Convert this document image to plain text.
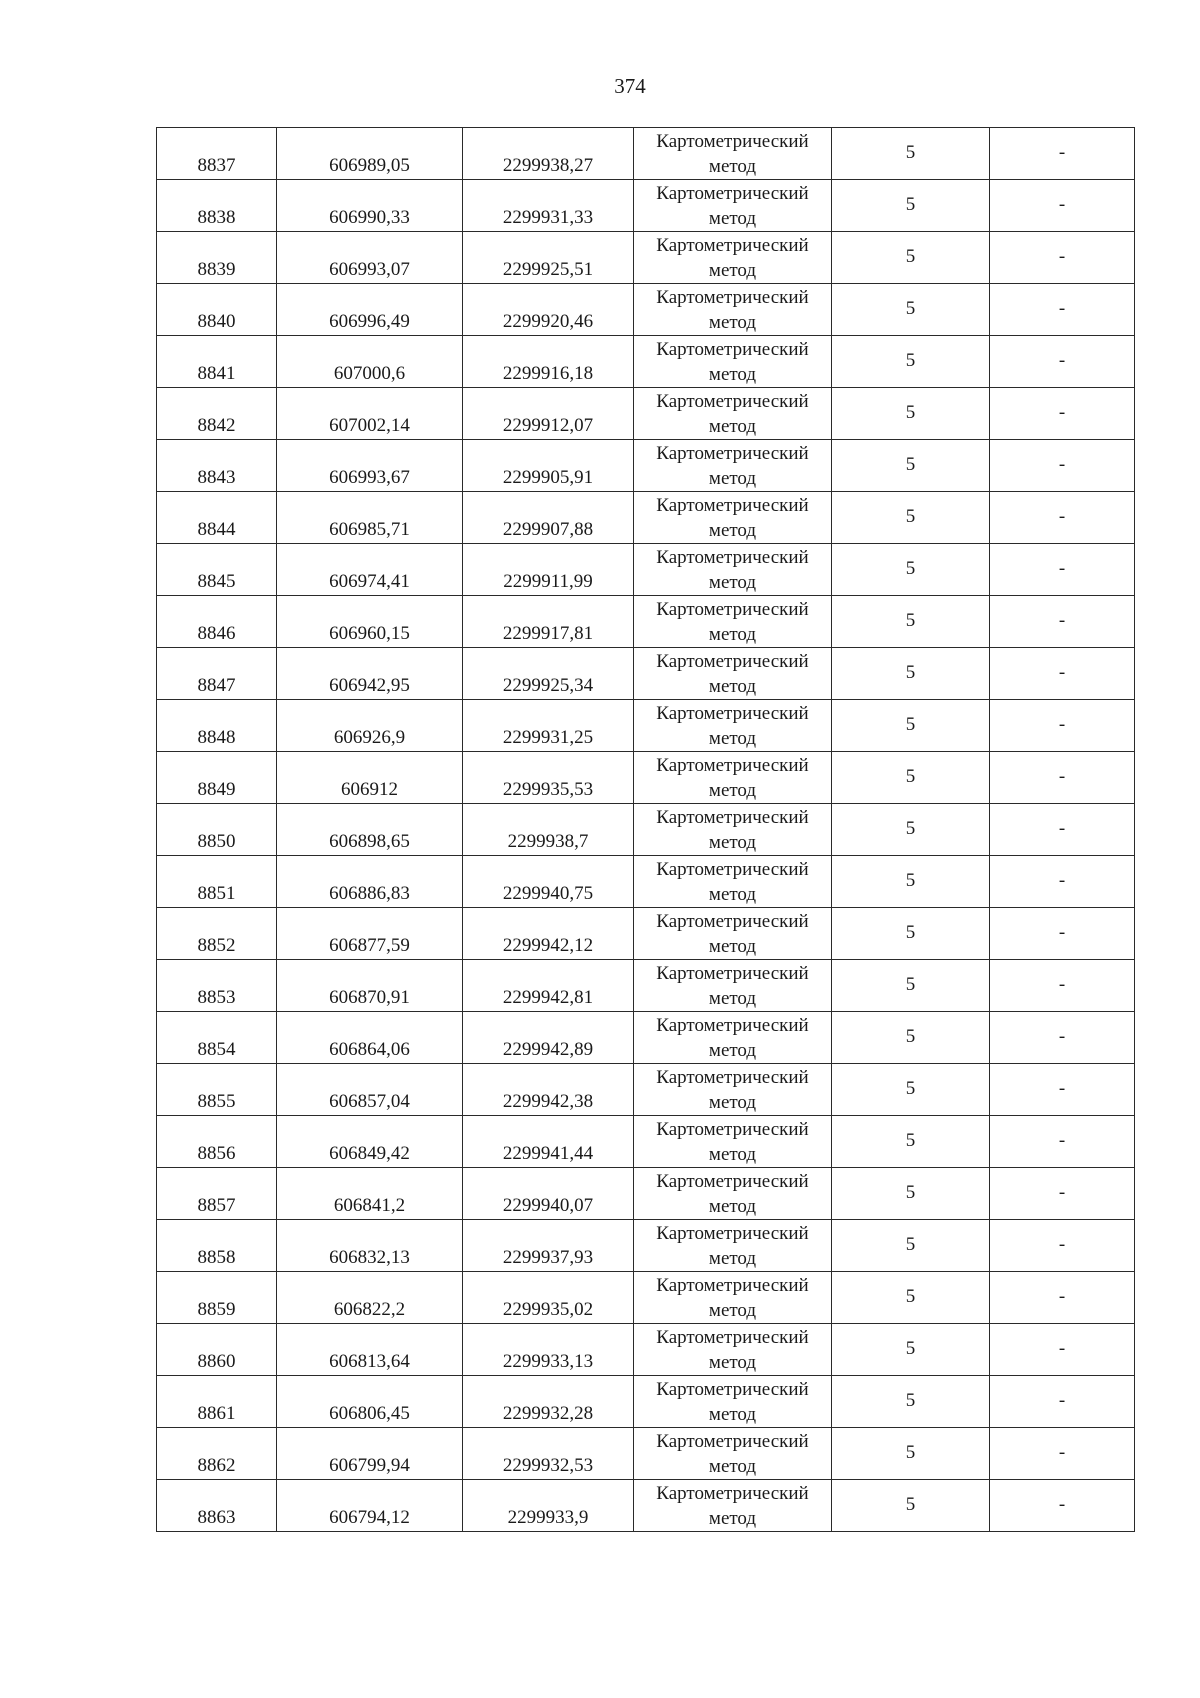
374
8837	606989,05	2299938,27	Картометрический метод	5	-
8838	606990,33	2299931,33	Картометрический метод	5	-
8839	606993,07	2299925,51	Картометрический метод	5	-
8840	606996,49	2299920,46	Картометрический метод	5	-
8841	607000,6	2299916,18	Картометрический метод	5	-
8842	607002,14	2299912,07	Картометрический метод	5	-
8843	606993,67	2299905,91	Картометрический метод	5	-
8844	606985,71	2299907,88	Картометрический метод	5	-
8845	606974,41	2299911,99	Картометрический метод	5	-
8846	606960,15	2299917,81	Картометрический метод	5	-
8847	606942,95	2299925,34	Картометрический метод	5	-
8848	606926,9	2299931,25	Картометрический метод	5	-
8849	606912	2299935,53	Картометрический метод	5	-
8850	606898,65	2299938,7	Картометрический метод	5	-
8851	606886,83	2299940,75	Картометрический метод	5	-
8852	606877,59	2299942,12	Картометрический метод	5	-
8853	606870,91	2299942,81	Картометрический метод	5	-
8854	606864,06	2299942,89	Картометрический метод	5	-
8855	606857,04	2299942,38	Картометрический метод	5	-
8856	606849,42	2299941,44	Картометрический метод	5	-
8857	606841,2	2299940,07	Картометрический метод	5	-
8858	606832,13	2299937,93	Картометрический метод	5	-
8859	606822,2	2299935,02	Картометрический метод	5	-
8860	606813,64	2299933,13	Картометрический метод	5	-
8861	606806,45	2299932,28	Картометрический метод	5	-
8862	606799,94	2299932,53	Картометрический метод	5	-
8863	606794,12	2299933,9	Картометрический метод	5	-
